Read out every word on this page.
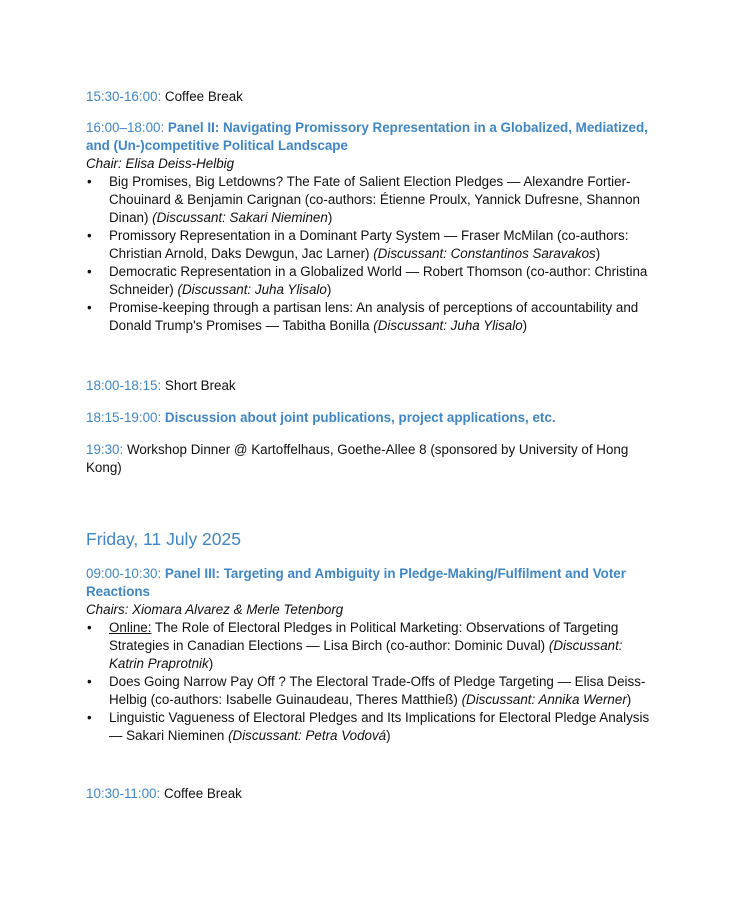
15:30-16:00: Coffee Break

16:00–18:00: Panel II: Navigating Promissory Representation in a Globalized, Mediatized, and (Un-)competitive Political Landscape

Chair: Elisa Deiss-Helbig
• Big Promises, Big Letdowns? The Fate of Salient Election Pledges — Alexandre Fortier-Chouinard & Benjamin Carignan (co-authors: Étienne Proulx, Yannick Dufresne, Shannon Dinan) (Discussant: Sakari Nieminen)
• Promissory Representation in a Dominant Party System — Fraser McMilan (co-authors: Christian Arnold, Daks Dewgun, Jac Larner) (Discussant: Constantinos Saravakos)
• Democratic Representation in a Globalized World — Robert Thomson (co-author: Christina Schneider) (Discussant: Juha Ylisalo)
• Promise-keeping through a partisan lens: An analysis of perceptions of accountability and Donald Trump's Promises — Tabitha Bonilla (Discussant: Juha Ylisalo)

18:00-18:15: Short Break

18:15-19:00: Discussion about joint publications, project applications, etc.

19:30: Workshop Dinner @ Kartoffelhaus, Goethe-Allee 8 (sponsored by University of Hong Kong)

Friday, 11 July 2025

09:00-10:30: Panel III: Targeting and Ambiguity in Pledge-Making/Fulfilment and Voter Reactions

Chairs: Xiomara Alvarez & Merle Tetenborg
• Online: The Role of Electoral Pledges in Political Marketing: Observations of Targeting Strategies in Canadian Elections — Lisa Birch (co-author: Dominic Duval) (Discussant: Katrin Praprotnik)
• Does Going Narrow Pay Off ? The Electoral Trade-Offs of Pledge Targeting — Elisa Deiss-Helbig (co-authors: Isabelle Guinaudeau, Theres Matthieß) (Discussant: Annika Werner)
• Linguistic Vagueness of Electoral Pledges and Its Implications for Electoral Pledge Analysis — Sakari Nieminen (Discussant: Petra Vodová)

10:30-11:00: Coffee Break
